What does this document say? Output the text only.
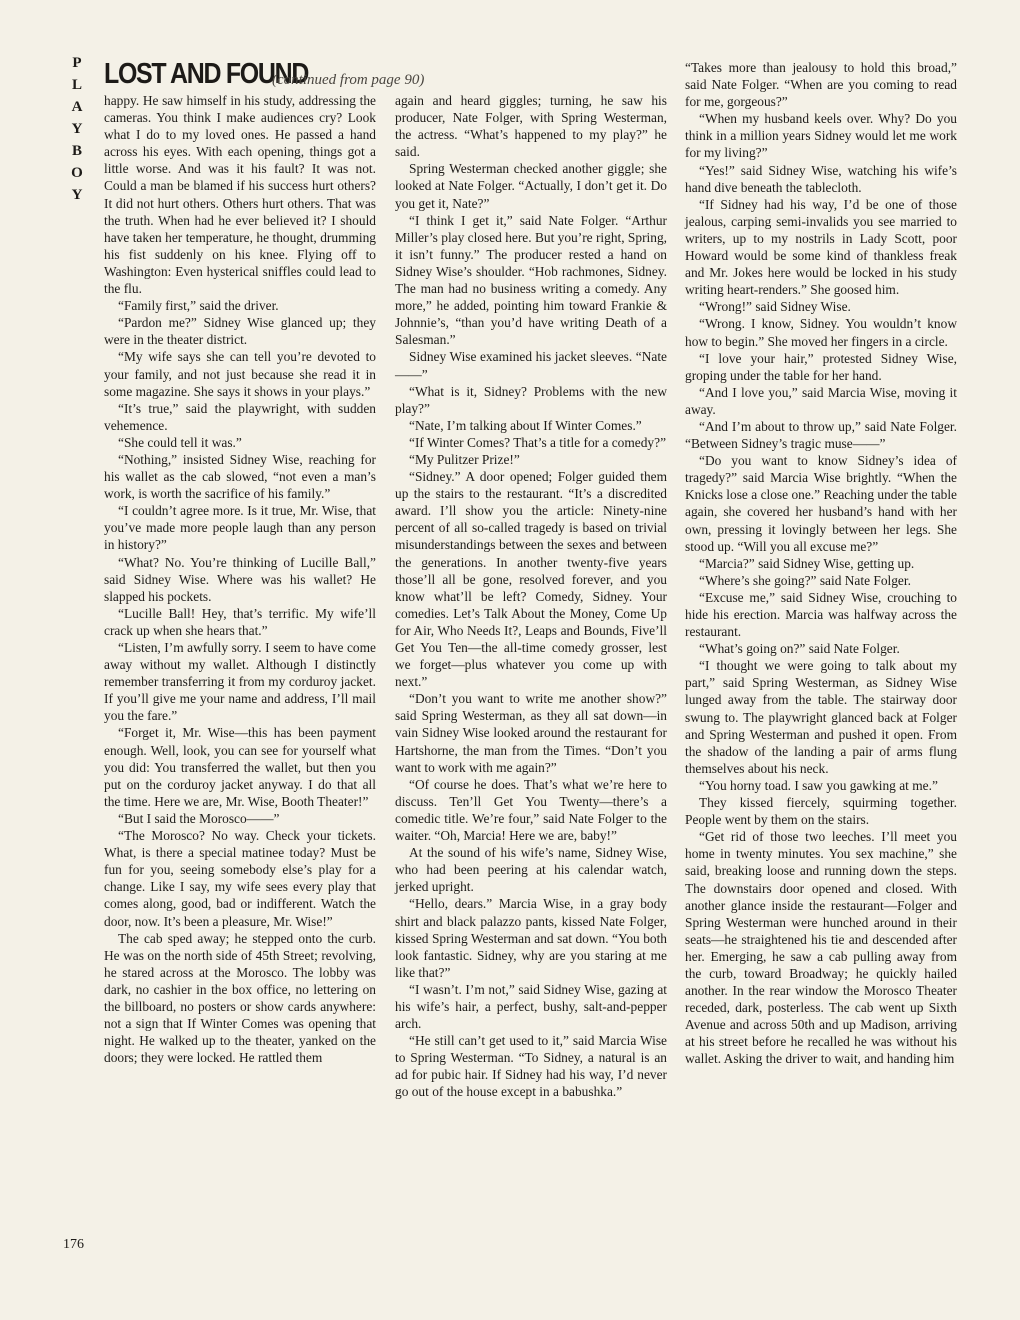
P
L
A
Y
B
O
Y
LOST AND FOUND
(continued from page 90)

happy. He saw himself in his study, addressing the cameras. You think I make audiences cry? Look what I do to my loved ones. He passed a hand across his eyes. With each opening, things got a little worse. And was it his fault? It was not. Could a man be blamed if his success hurt others? It did not hurt others. Others hurt others. That was the truth. When had he ever believed it? I should have taken her temperature, he thought, drumming his fist suddenly on his knee. Flying off to Washington: Even hysterical sniffles could lead to the flu.

“Family first,” said the driver.

“Pardon me?” Sidney Wise glanced up; they were in the theater district.

“My wife says she can tell you’re devoted to your family, and not just because she read it in some magazine. She says it shows in your plays.”

“It’s true,” said the playwright, with sudden vehemence.

“She could tell it was.”

“Nothing,” insisted Sidney Wise, reaching for his wallet as the cab slowed, “not even a man’s work, is worth the sacrifice of his family.”

“I couldn’t agree more. Is it true, Mr. Wise, that you’ve made more people laugh than any person in history?”

“What? No. You’re thinking of Lucille Ball,” said Sidney Wise. Where was his wallet? He slapped his pockets.

“Lucille Ball! Hey, that’s terrific. My wife’ll crack up when she hears that.”

“Listen, I’m awfully sorry. I seem to have come away without my wallet. Although I distinctly remember transferring it from my corduroy jacket. If you’ll give me your name and address, I’ll mail you the fare.”

“Forget it, Mr. Wise—this has been payment enough. Well, look, you can see for yourself what you did: You transferred the wallet, but then you put on the corduroy jacket anyway. I do that all the time. Here we are, Mr. Wise, Booth Theater!”

“But I said the Morosco——”

“The Morosco? No way. Check your tickets. What, is there a special matinee today? Must be fun for you, seeing somebody else’s play for a change. Like I say, my wife sees every play that comes along, good, bad or indifferent. Watch the door, now. It’s been a pleasure, Mr. Wise!”

The cab sped away; he stepped onto the curb. He was on the north side of 45th Street; revolving, he stared across at the Morosco. The lobby was dark, no cashier in the box office, no lettering on the billboard, no posters or show cards anywhere: not a sign that If Winter Comes was opening that night. He walked up to the theater, yanked on the doors; they were locked. He rattled them

again and heard giggles; turning, he saw his producer, Nate Folger, with Spring Westerman, the actress. “What’s happened to my play?” he said.

Spring Westerman checked another giggle; she looked at Nate Folger. “Actually, I don’t get it. Do you get it, Nate?”

“I think I get it,” said Nate Folger. “Arthur Miller’s play closed here. But you’re right, Spring, it isn’t funny.” The producer rested a hand on Sidney Wise’s shoulder. “Hob rachmones, Sidney. The man had no business writing a comedy. Any more,” he added, pointing him toward Frankie & Johnnie’s, “than you’d have writing Death of a Salesman.”

Sidney Wise examined his jacket sleeves. “Nate——”

“What is it, Sidney? Problems with the new play?”

“Nate, I’m talking about If Winter Comes.”

“If Winter Comes? That’s a title for a comedy?”

“My Pulitzer Prize!”

“Sidney.” A door opened; Folger guided them up the stairs to the restaurant. “It’s a discredited award. I’ll show you the article: Ninety-nine percent of all so-called tragedy is based on trivial misunderstandings between the sexes and between the generations. In another twenty-five years those’ll all be gone, resolved forever, and you know what’ll be left? Comedy, Sidney. Your comedies. Let’s Talk About the Money, Come Up for Air, Who Needs It?, Leaps and Bounds, Five’ll Get You Ten—the all-time comedy grosser, lest we forget—plus whatever you come up with next.”

“Don’t you want to write me another show?” said Spring Westerman, as they all sat down—in vain Sidney Wise looked around the restaurant for Hartshorne, the man from the Times. “Don’t you want to work with me again?”

“Of course he does. That’s what we’re here to discuss. Ten’ll Get You Twenty—there’s a comedic title. We’re four,” said Nate Folger to the waiter. “Oh, Marcia! Here we are, baby!”

At the sound of his wife’s name, Sidney Wise, who had been peering at his calendar watch, jerked upright.

“Hello, dears.” Marcia Wise, in a gray body shirt and black palazzo pants, kissed Nate Folger, kissed Spring Westerman and sat down. “You both look fantastic. Sidney, why are you staring at me like that?”

“I wasn’t. I’m not,” said Sidney Wise, gazing at his wife’s hair, a perfect, bushy, salt-and-pepper arch.

“He still can’t get used to it,” said Marcia Wise to Spring Westerman. “To Sidney, a natural is an ad for pubic hair. If Sidney had his way, I’d never go out of the house except in a babushka.”

“Takes more than jealousy to hold this broad,” said Nate Folger. “When are you coming to read for me, gorgeous?”

“When my husband keels over. Why? Do you think in a million years Sidney would let me work for my living?”

“Yes!” said Sidney Wise, watching his wife’s hand dive beneath the tablecloth.

“If Sidney had his way, I’d be one of those jealous, carping semi-invalids you see married to writers, up to my nostrils in Lady Scott, poor Howard would be some kind of thankless freak and Mr. Jokes here would be locked in his study writing heart-renders.” She goosed him.

“Wrong!” said Sidney Wise.

“Wrong. I know, Sidney. You wouldn’t know how to begin.” She moved her fingers in a circle.

“I love your hair,” protested Sidney Wise, groping under the table for her hand.

“And I love you,” said Marcia Wise, moving it away.

“And I’m about to throw up,” said Nate Folger. “Between Sidney’s tragic muse——”

“Do you want to know Sidney’s idea of tragedy?” said Marcia Wise brightly. “When the Knicks lose a close one.” Reaching under the table again, she covered her husband’s hand with her own, pressing it lovingly between her legs. She stood up. “Will you all excuse me?”

“Marcia?” said Sidney Wise, getting up.

“Where’s she going?” said Nate Folger.

“Excuse me,” said Sidney Wise, crouching to hide his erection. Marcia was halfway across the restaurant.

“What’s going on?” said Nate Folger.

“I thought we were going to talk about my part,” said Spring Westerman, as Sidney Wise lunged away from the table. The stairway door swung to. The playwright glanced back at Folger and Spring Westerman and pushed it open. From the shadow of the landing a pair of arms flung themselves about his neck.

“You horny toad. I saw you gawking at me.”

They kissed fiercely, squirming together. People went by them on the stairs.

“Get rid of those two leeches. I’ll meet you home in twenty minutes. You sex machine,” she said, breaking loose and running down the steps. The downstairs door opened and closed. With another glance inside the restaurant—Folger and Spring Westerman were hunched around in their seats—he straightened his tie and descended after her. Emerging, he saw a cab pulling away from the curb, toward Broadway; he quickly hailed another. In the rear window the Morosco Theater receded, dark, posterless. The cab went up Sixth Avenue and across 50th and up Madison, arriving at his street before he recalled he was without his wallet. Asking the driver to wait, and handing him

176
